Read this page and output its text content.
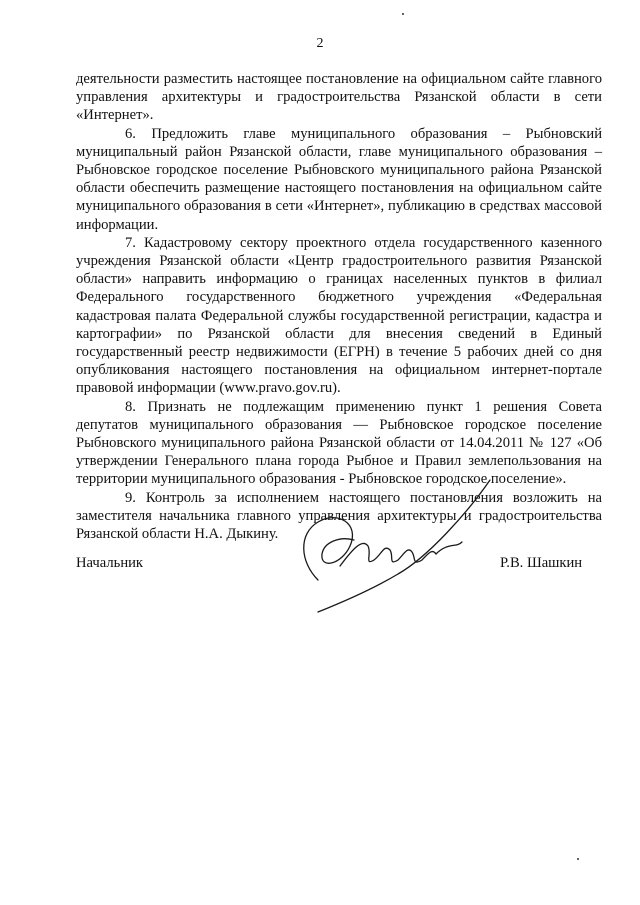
2

деятельности разместить настоящее постановление на официальном сайте главного управления архитектуры и градостроительства Рязанской области в сети «Интернет».

6. Предложить главе муниципального образования – Рыбновский муниципальный район Рязанской области, главе муниципального образования – Рыбновское городское поселение Рыбновского муниципального района Рязанской области обеспечить размещение настоящего постановления на официальном сайте муниципального образования в сети «Интернет», публикацию в средствах массовой информации.

7. Кадастровому сектору проектного отдела государственного казенного учреждения Рязанской области «Центр градостроительного развития Рязанской области» направить информацию о границах населенных пунктов в филиал Федерального государственного бюджетного учреждения «Федеральная кадастровая палата Федеральной службы государственной регистрации, кадастра и картографии» по Рязанской области для внесения сведений в Единый государственный реестр недвижимости (ЕГРН) в течение 5 рабочих дней со дня опубликования настоящего постановления на официальном интернет-портале правовой информации (www.pravo.gov.ru).

8. Признать не подлежащим применению пункт 1 решения Совета депутатов муниципального образования — Рыбновское городское поселение Рыбновского муниципального района Рязанской области от 14.04.2011 № 127 «Об утверждении Генерального плана города Рыбное и Правил землепользования на территории муниципального образования - Рыбновское городское поселение».

9. Контроль за исполнением настоящего постановления возложить на заместителя начальника главного управления архитектуры и градостроительства Рязанской области Н.А. Дыкину.

Начальник	Р.В. Шашкин
